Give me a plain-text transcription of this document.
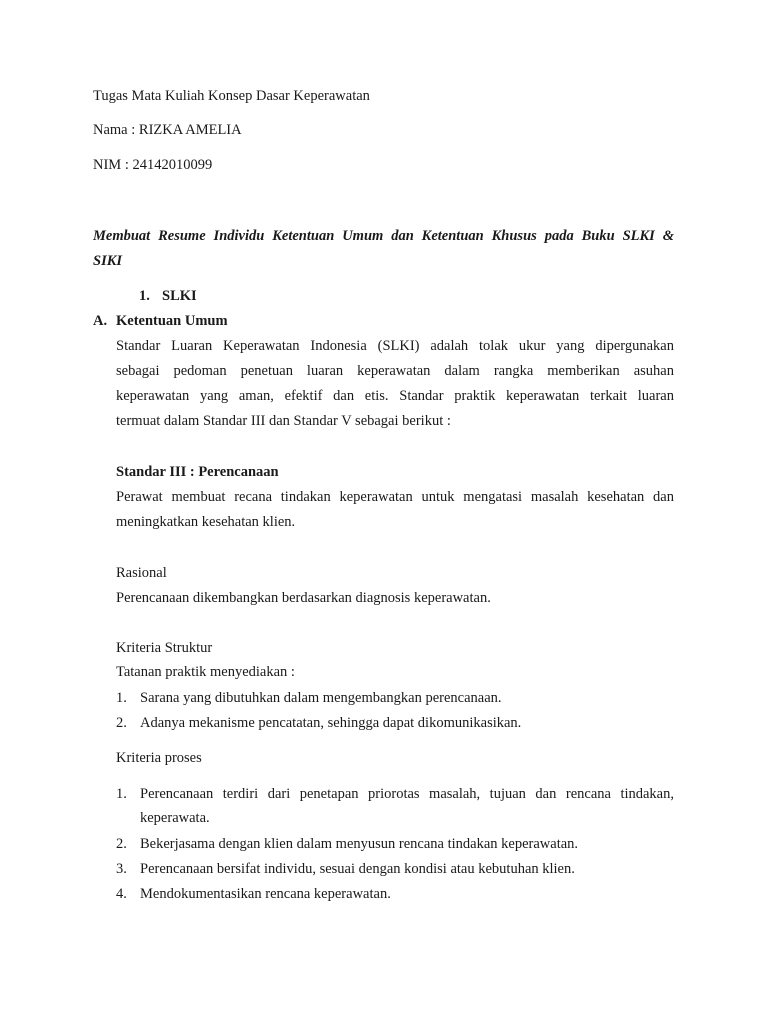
Tugas Mata Kuliah Konsep Dasar Keperawatan
Nama : RIZKA AMELIA
NIM : 24142010099
Membuat Resume Individu Ketentuan Umum dan Ketentuan Khusus pada Buku SLKI &
SIKI
1. SLKI
A. Ketentuan Umum
Standar Luaran Keperawatan Indonesia (SLKI) adalah tolak ukur yang dipergunakan
sebagai pedoman penetuan luaran keperawatan dalam rangka memberikan asuhan
keperawatan yang aman, efektif dan etis. Standar praktik keperawatan terkait luaran
termuat dalam Standar III dan Standar V sebagai berikut :
Standar III : Perencanaan
Perawat membuat recana tindakan keperawatan untuk mengatasi masalah kesehatan dan
meningkatkan kesehatan klien.
Rasional
Perencanaan dikembangkan berdasarkan diagnosis keperawatan.
Kriteria Struktur
Tatanan praktik menyediakan :
1. Sarana yang dibutuhkan dalam mengembangkan perencanaan.
2. Adanya mekanisme pencatatan, sehingga dapat dikomunikasikan.
Kriteria proses
1. Perencanaan terdiri dari penetapan priorotas masalah, tujuan dan rencana tindakan,
keperawata.
2. Bekerjasama dengan klien dalam menyusun rencana tindakan keperawatan.
3. Perencanaan bersifat individu, sesuai dengan kondisi atau kebutuhan klien.
4. Mendokumentasikan rencana keperawatan.
